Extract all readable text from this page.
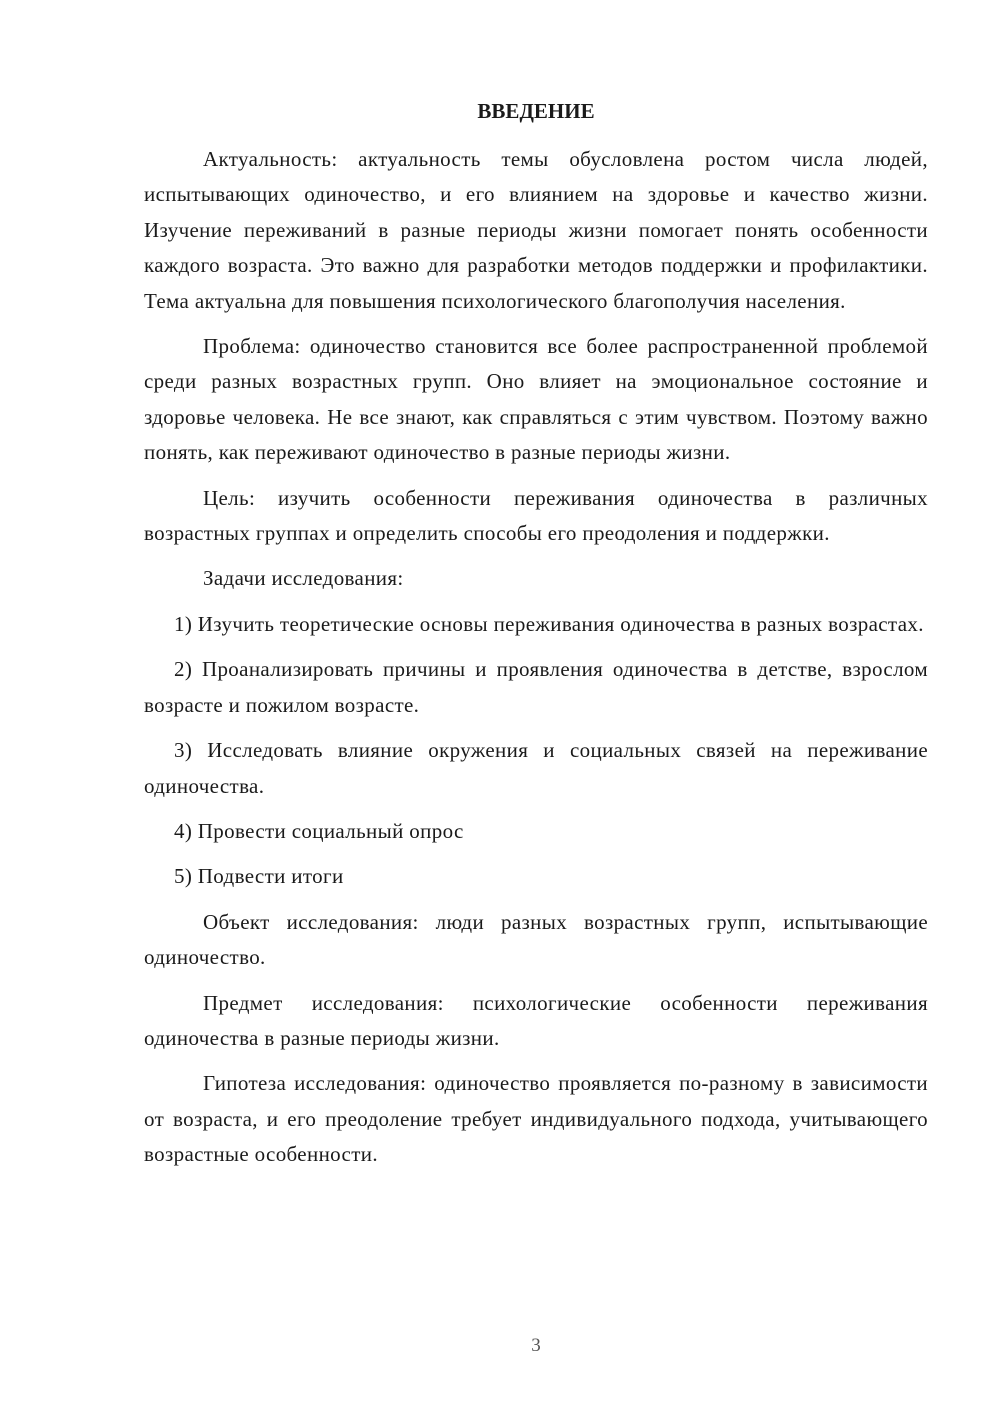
ВВЕДЕНИЕ

Актуальность: актуальность темы обусловлена ростом числа людей, испытывающих одиночество, и его влиянием на здоровье и качество жизни. Изучение переживаний в разные периоды жизни помогает понять особенности каждого возраста. Это важно для разработки методов поддержки и профилактики. Тема актуальна для повышения психологического благополучия населения.

Проблема: одиночество становится все более распространенной проблемой среди разных возрастных групп. Оно влияет на эмоциональное состояние и здоровье человека. Не все знают, как справляться с этим чувством. Поэтому важно понять, как переживают одиночество в разные периоды жизни.

Цель: изучить особенности переживания одиночества в различных возрастных группах и определить способы его преодоления и поддержки.

Задачи исследования:

1) Изучить теоретические основы переживания одиночества в разных возрастах.

2) Проанализировать причины и проявления одиночества в детстве, взрослом возрасте и пожилом возрасте.

3) Исследовать влияние окружения и социальных связей на переживание одиночества.

4) Провести социальный опрос

5) Подвести итоги

Объект исследования: люди разных возрастных групп, испытывающие одиночество.

Предмет исследования: психологические особенности переживания одиночества в разные периоды жизни.

Гипотеза исследования: одиночество проявляется по-разному в зависимости от возраста, и его преодоление требует индивидуального подхода, учитывающего возрастные особенности.

3
